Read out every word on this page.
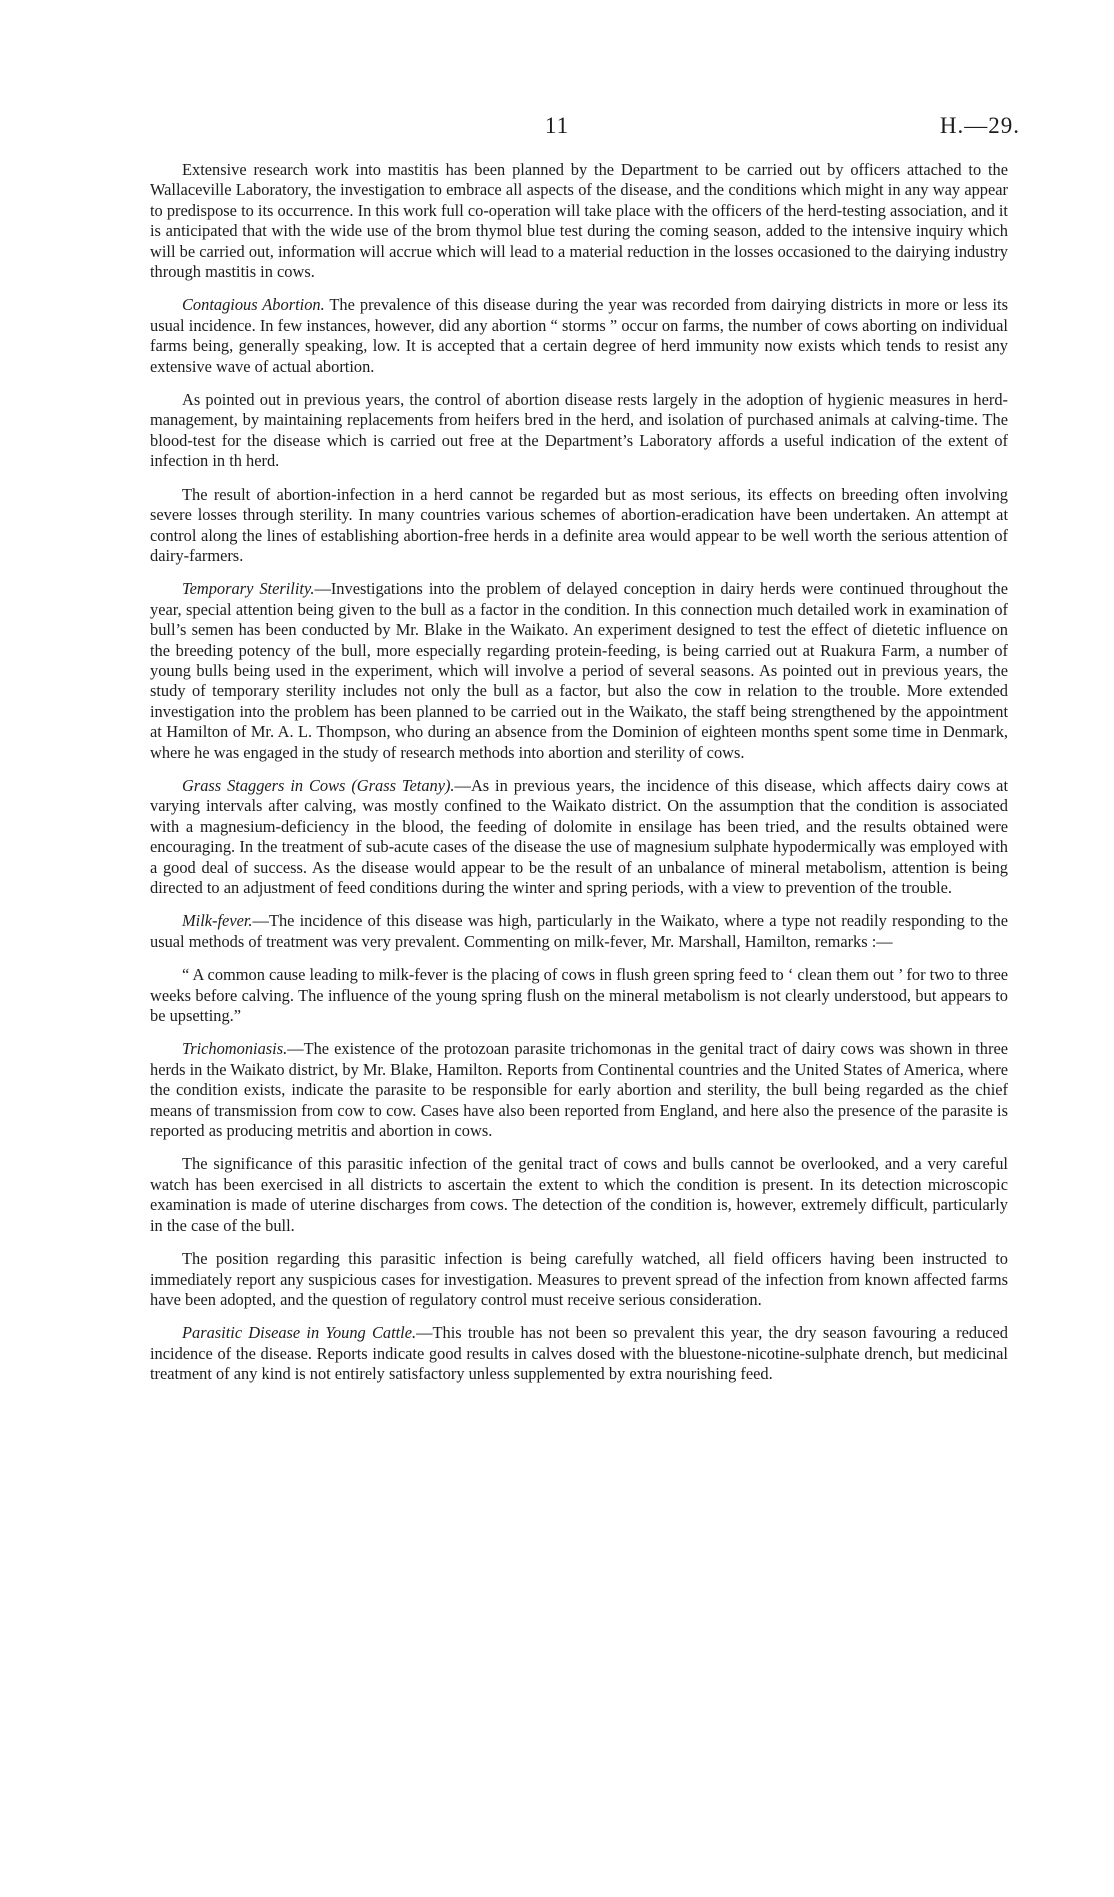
11	H.—29.

Extensive research work into mastitis has been planned by the Department to be carried out by officers attached to the Wallaceville Laboratory, the investigation to embrace all aspects of the disease, and the conditions which might in any way appear to predispose to its occurrence. In this work full co-operation will take place with the officers of the herd-testing association, and it is anticipated that with the wide use of the brom thymol blue test during the coming season, added to the intensive inquiry which will be carried out, information will accrue which will lead to a material reduction in the losses occasioned to the dairying industry through mastitis in cows.

Contagious Abortion. The prevalence of this disease during the year was recorded from dairying districts in more or less its usual incidence. In few instances, however, did any abortion “ storms ” occur on farms, the number of cows aborting on individual farms being, generally speaking, low. It is accepted that a certain degree of herd immunity now exists which tends to resist any extensive wave of actual abortion.

As pointed out in previous years, the control of abortion disease rests largely in the adoption of hygienic measures in herd-management, by maintaining replacements from heifers bred in the herd, and isolation of purchased animals at calving-time. The blood-test for the disease which is carried out free at the Department’s Laboratory affords a useful indication of the extent of infection in th herd.

The result of abortion-infection in a herd cannot be regarded but as most serious, its effects on breeding often involving severe losses through sterility. In many countries various schemes of abortion-eradication have been undertaken. An attempt at control along the lines of establishing abortion-free herds in a definite area would appear to be well worth the serious attention of dairy-farmers.

Temporary Sterility.—Investigations into the problem of delayed conception in dairy herds were continued throughout the year, special attention being given to the bull as a factor in the condition. In this connection much detailed work in examination of bull’s semen has been conducted by Mr. Blake in the Waikato. An experiment designed to test the effect of dietetic influence on the breeding potency of the bull, more especially regarding protein-feeding, is being carried out at Ruakura Farm, a number of young bulls being used in the experiment, which will involve a period of several seasons. As pointed out in previous years, the study of temporary sterility includes not only the bull as a factor, but also the cow in relation to the trouble. More extended investigation into the problem has been planned to be carried out in the Waikato, the staff being strengthened by the appointment at Hamilton of Mr. A. L. Thompson, who during an absence from the Dominion of eighteen months spent some time in Denmark, where he was engaged in the study of research methods into abortion and sterility of cows.

Grass Staggers in Cows (Grass Tetany).—As in previous years, the incidence of this disease, which affects dairy cows at varying intervals after calving, was mostly confined to the Waikato district. On the assumption that the condition is associated with a magnesium-deficiency in the blood, the feeding of dolomite in ensilage has been tried, and the results obtained were encouraging. In the treatment of sub-acute cases of the disease the use of magnesium sulphate hypodermically was employed with a good deal of success. As the disease would appear to be the result of an unbalance of mineral metabolism, attention is being directed to an adjustment of feed conditions during the winter and spring periods, with a view to prevention of the trouble.

Milk-fever.—The incidence of this disease was high, particularly in the Waikato, where a type not readily responding to the usual methods of treatment was very prevalent. Commenting on milk-fever, Mr. Marshall, Hamilton, remarks :—

“ A common cause leading to milk-fever is the placing of cows in flush green spring feed to ‘ clean them out ’ for two to three weeks before calving. The influence of the young spring flush on the mineral metabolism is not clearly understood, but appears to be upsetting.”

Trichomoniasis.—The existence of the protozoan parasite trichomonas in the genital tract of dairy cows was shown in three herds in the Waikato district, by Mr. Blake, Hamilton. Reports from Continental countries and the United States of America, where the condition exists, indicate the parasite to be responsible for early abortion and sterility, the bull being regarded as the chief means of transmission from cow to cow. Cases have also been reported from England, and here also the presence of the parasite is reported as producing metritis and abortion in cows.

The significance of this parasitic infection of the genital tract of cows and bulls cannot be overlooked, and a very careful watch has been exercised in all districts to ascertain the extent to which the condition is present. In its detection microscopic examination is made of uterine discharges from cows. The detection of the condition is, however, extremely difficult, particularly in the case of the bull.

The position regarding this parasitic infection is being carefully watched, all field officers having been instructed to immediately report any suspicious cases for investigation. Measures to prevent spread of the infection from known affected farms have been adopted, and the question of regulatory control must receive serious consideration.

Parasitic Disease in Young Cattle.—This trouble has not been so prevalent this year, the dry season favouring a reduced incidence of the disease. Reports indicate good results in calves dosed with the bluestone-nicotine-sulphate drench, but medicinal treatment of any kind is not entirely satisfactory unless supplemented by extra nourishing feed.
